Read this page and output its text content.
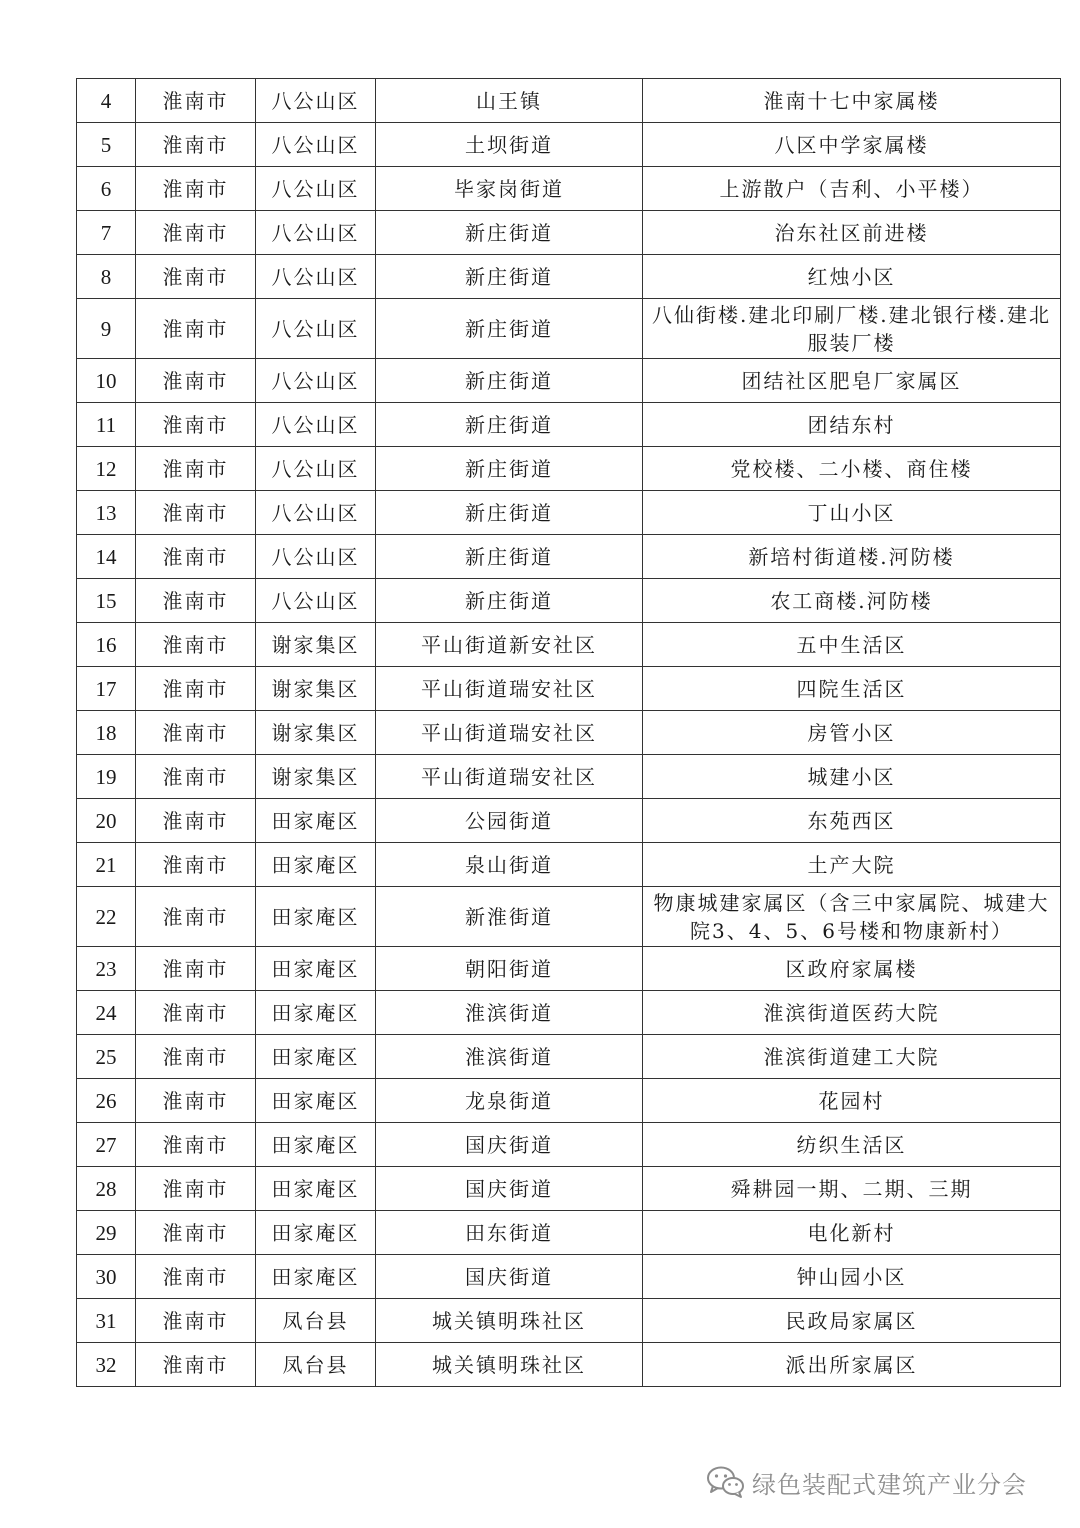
4	淮南市	八公山区	山王镇	淮南十七中家属楼
5	淮南市	八公山区	土坝街道	八区中学家属楼
6	淮南市	八公山区	毕家岗街道	上游散户（吉利、小平楼）
7	淮南市	八公山区	新庄街道	治东社区前进楼
8	淮南市	八公山区	新庄街道	红烛小区
9	淮南市	八公山区	新庄街道	八仙街楼.建北印刷厂楼.建北银行楼.建北服装厂楼
10	淮南市	八公山区	新庄街道	团结社区肥皂厂家属区
11	淮南市	八公山区	新庄街道	团结东村
12	淮南市	八公山区	新庄街道	党校楼、二小楼、商住楼
13	淮南市	八公山区	新庄街道	丁山小区
14	淮南市	八公山区	新庄街道	新培村街道楼.河防楼
15	淮南市	八公山区	新庄街道	农工商楼.河防楼
16	淮南市	谢家集区	平山街道新安社区	五中生活区
17	淮南市	谢家集区	平山街道瑞安社区	四院生活区
18	淮南市	谢家集区	平山街道瑞安社区	房管小区
19	淮南市	谢家集区	平山街道瑞安社区	城建小区
20	淮南市	田家庵区	公园街道	东苑西区
21	淮南市	田家庵区	泉山街道	土产大院
22	淮南市	田家庵区	新淮街道	物康城建家属区（含三中家属院、城建大院3、4、5、6号楼和物康新村）
23	淮南市	田家庵区	朝阳街道	区政府家属楼
24	淮南市	田家庵区	淮滨街道	淮滨街道医药大院
25	淮南市	田家庵区	淮滨街道	淮滨街道建工大院
26	淮南市	田家庵区	龙泉街道	花园村
27	淮南市	田家庵区	国庆街道	纺织生活区
28	淮南市	田家庵区	国庆街道	舜耕园一期、二期、三期
29	淮南市	田家庵区	田东街道	电化新村
30	淮南市	田家庵区	国庆街道	钟山园小区
31	淮南市	凤台县	城关镇明珠社区	民政局家属区
32	淮南市	凤台县	城关镇明珠社区	派出所家属区
绿色装配式建筑产业分会
